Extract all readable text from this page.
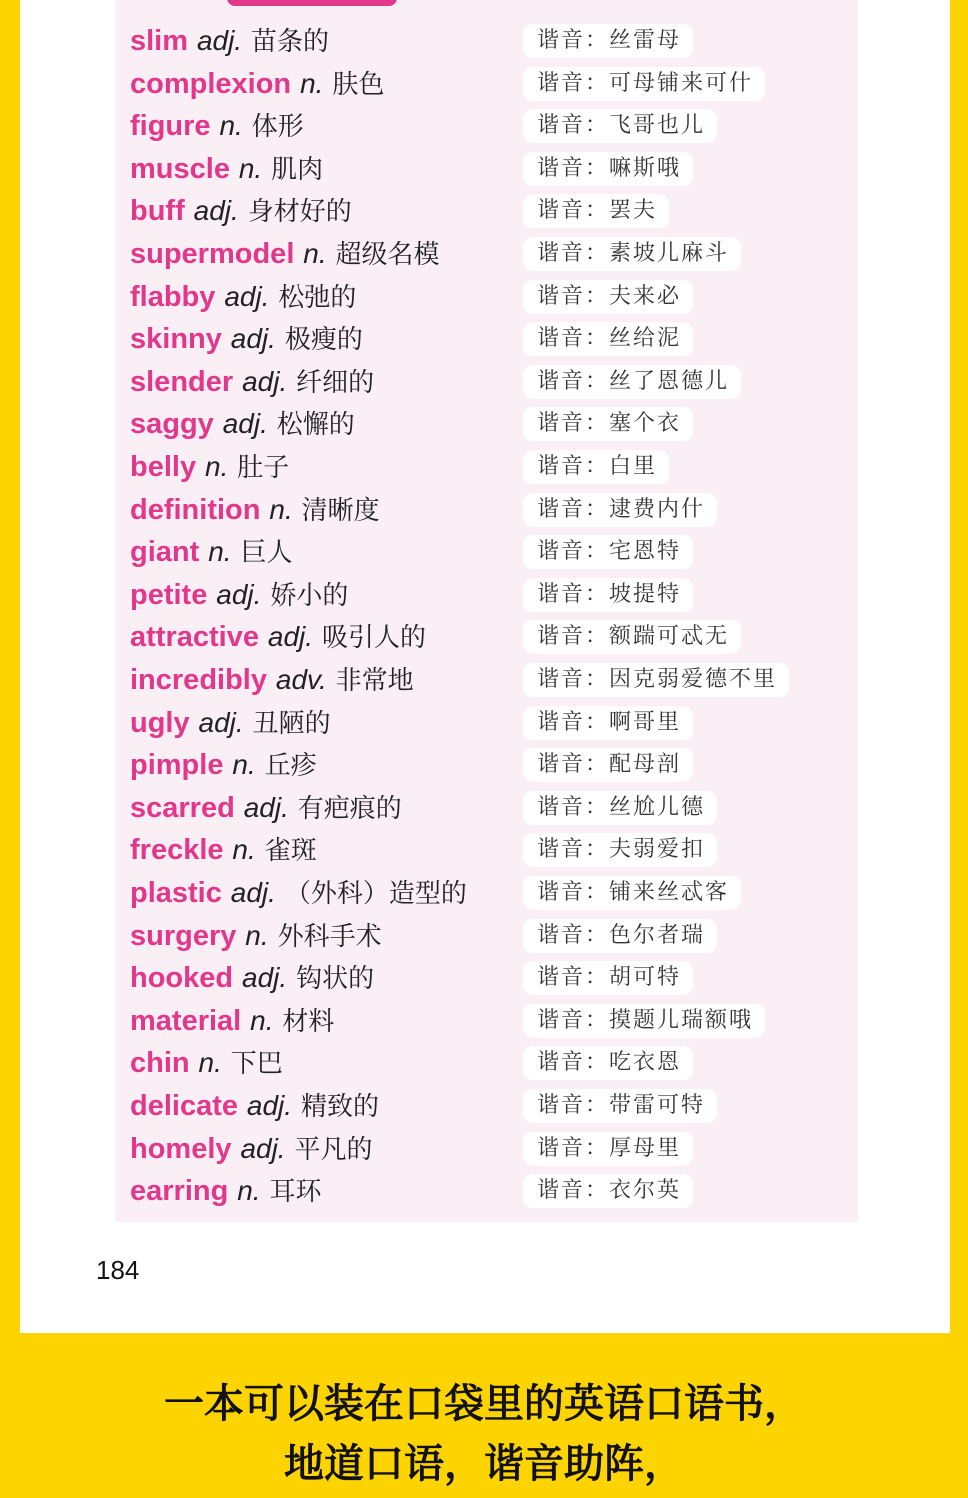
slim adj. 苗条的	谐音：丝雷母
complexion n. 肤色	谐音：可母铺来可什
figure n. 体形	谐音：飞哥也儿
muscle n. 肌肉	谐音：嘛斯哦
buff adj. 身材好的	谐音：罢夫
supermodel n. 超级名模	谐音：素坡儿麻斗
flabby adj. 松弛的	谐音：夫来必
skinny adj. 极瘦的	谐音：丝给泥
slender adj. 纤细的	谐音：丝了恩德儿
saggy adj. 松懈的	谐音：塞个衣
belly n. 肚子	谐音：白里
definition n. 清晰度	谐音：逮费内什
giant n. 巨人	谐音：宅恩特
petite adj. 娇小的	谐音：坡提特
attractive adj. 吸引人的	谐音：额踹可忒无
incredibly adv. 非常地	谐音：因克弱爱德不里
ugly adj. 丑陋的	谐音：啊哥里
pimple n. 丘疹	谐音：配母剖
scarred adj. 有疤痕的	谐音：丝尬儿德
freckle n. 雀斑	谐音：夫弱爱扣
plastic adj. （外科）造型的	谐音：铺来丝忒客
surgery n. 外科手术	谐音：色尔者瑞
hooked adj. 钩状的	谐音：胡可特
material n. 材料	谐音：摸题儿瑞额哦
chin n. 下巴	谐音：吃衣恩
delicate adj. 精致的	谐音：带雷可特
homely adj. 平凡的	谐音：厚母里
earring n. 耳环	谐音：衣尔英
184
一本可以装在口袋里的英语口语书，
地道口语，谐音助阵，
